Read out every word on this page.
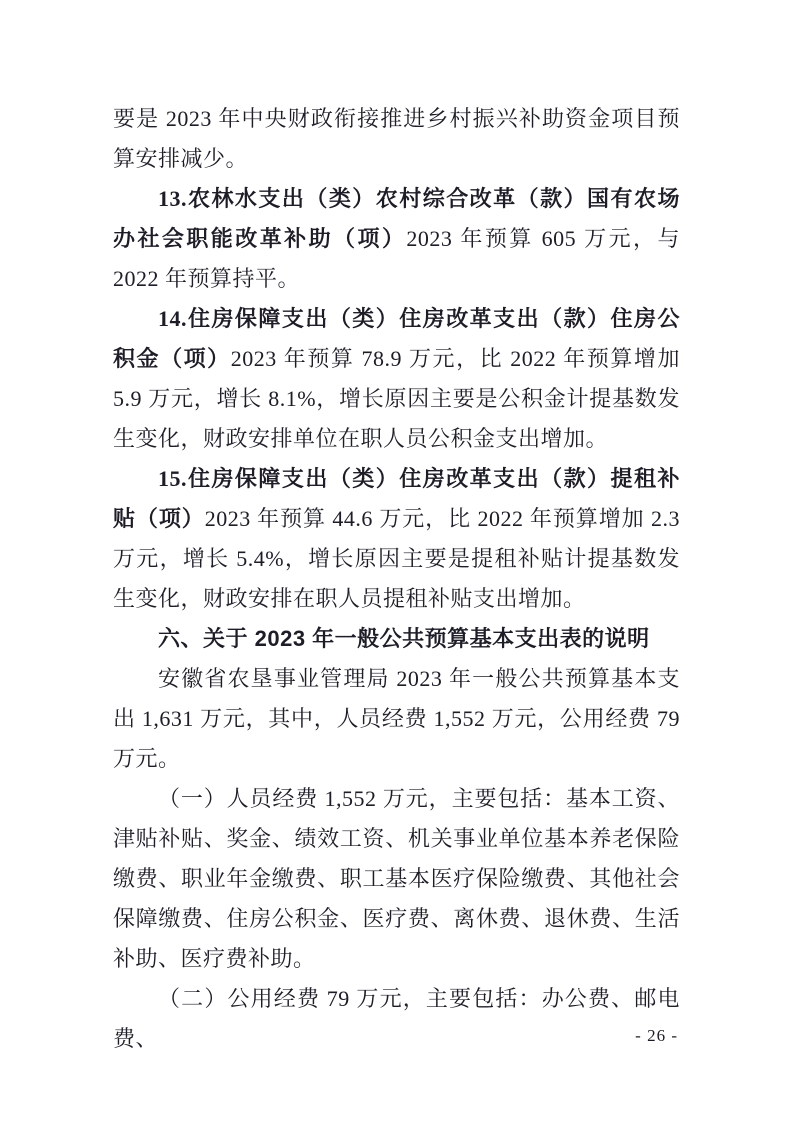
要是 2023 年中央财政衔接推进乡村振兴补助资金项目预算安排减少。

13.农林水支出（类）农村综合改革（款）国有农场办社会职能改革补助（项）2023 年预算 605 万元，与 2022 年预算持平。

14.住房保障支出（类）住房改革支出（款）住房公积金（项）2023 年预算 78.9 万元，比 2022 年预算增加 5.9 万元，增长 8.1%，增长原因主要是公积金计提基数发生变化，财政安排单位在职人员公积金支出增加。

15.住房保障支出（类）住房改革支出（款）提租补贴（项）2023 年预算 44.6 万元，比 2022 年预算增加 2.3 万元，增长 5.4%，增长原因主要是提租补贴计提基数发生变化，财政安排在职人员提租补贴支出增加。

六、关于 2023 年一般公共预算基本支出表的说明

安徽省农垦事业管理局 2023 年一般公共预算基本支出 1,631 万元，其中，人员经费 1,552 万元，公用经费 79 万元。

（一）人员经费 1,552 万元，主要包括：基本工资、津贴补贴、奖金、绩效工资、机关事业单位基本养老保险缴费、职业年金缴费、职工基本医疗保险缴费、其他社会保障缴费、住房公积金、医疗费、离休费、退休费、生活补助、医疗费补助。

（二）公用经费 79 万元，主要包括：办公费、邮电费、	- 26 -
